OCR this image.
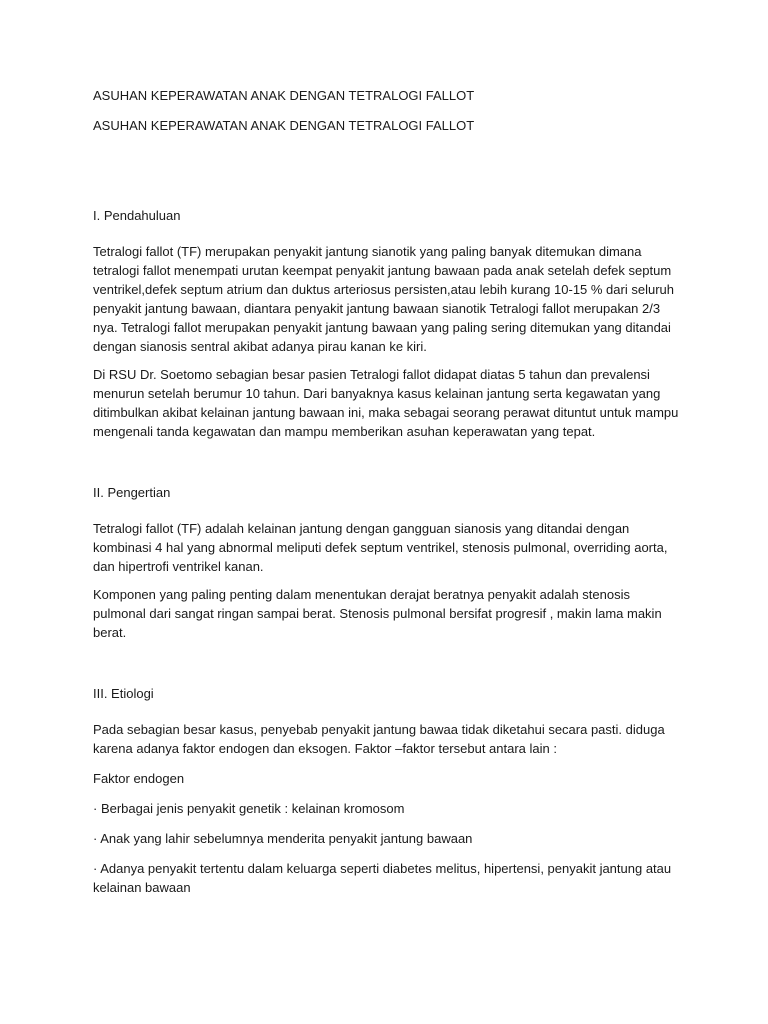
ASUHAN KEPERAWATAN ANAK DENGAN TETRALOGI FALLOT
ASUHAN KEPERAWATAN ANAK DENGAN TETRALOGI FALLOT
I. Pendahuluan

Tetralogi fallot (TF) merupakan penyakit jantung sianotik yang paling banyak ditemukan dimana tetralogi fallot menempati urutan keempat penyakit jantung bawaan pada anak setelah defek septum ventrikel,defek septum atrium dan duktus arteriosus persisten,atau lebih kurang 10-15 % dari seluruh penyakit jantung bawaan, diantara penyakit jantung bawaan sianotik Tetralogi fallot merupakan 2/3 nya. Tetralogi fallot merupakan penyakit jantung bawaan yang paling sering ditemukan yang ditandai dengan sianosis sentral akibat adanya pirau kanan ke kiri.

Di RSU Dr. Soetomo sebagian besar pasien Tetralogi fallot didapat diatas 5 tahun dan prevalensi menurun setelah berumur 10 tahun. Dari banyaknya kasus kelainan jantung serta kegawatan yang ditimbulkan akibat kelainan jantung bawaan ini, maka sebagai seorang perawat dituntut untuk mampu mengenali tanda kegawatan dan mampu memberikan asuhan keperawatan yang tepat.

II. Pengertian

Tetralogi fallot (TF) adalah kelainan jantung dengan gangguan sianosis yang ditandai dengan kombinasi 4 hal yang abnormal meliputi defek septum ventrikel, stenosis pulmonal, overriding aorta, dan hipertrofi ventrikel kanan.

Komponen yang paling penting dalam menentukan derajat beratnya penyakit adalah stenosis pulmonal dari sangat ringan sampai berat. Stenosis pulmonal bersifat progresif , makin lama makin berat.

III. Etiologi

Pada sebagian besar kasus, penyebab penyakit jantung bawaa tidak diketahui secara pasti. diduga karena adanya faktor endogen dan eksogen. Faktor –faktor tersebut antara lain :

Faktor endogen

· Berbagai jenis penyakit genetik : kelainan kromosom

· Anak yang lahir sebelumnya menderita penyakit jantung bawaan

· Adanya penyakit tertentu dalam keluarga seperti diabetes melitus, hipertensi, penyakit jantung atau kelainan bawaan
